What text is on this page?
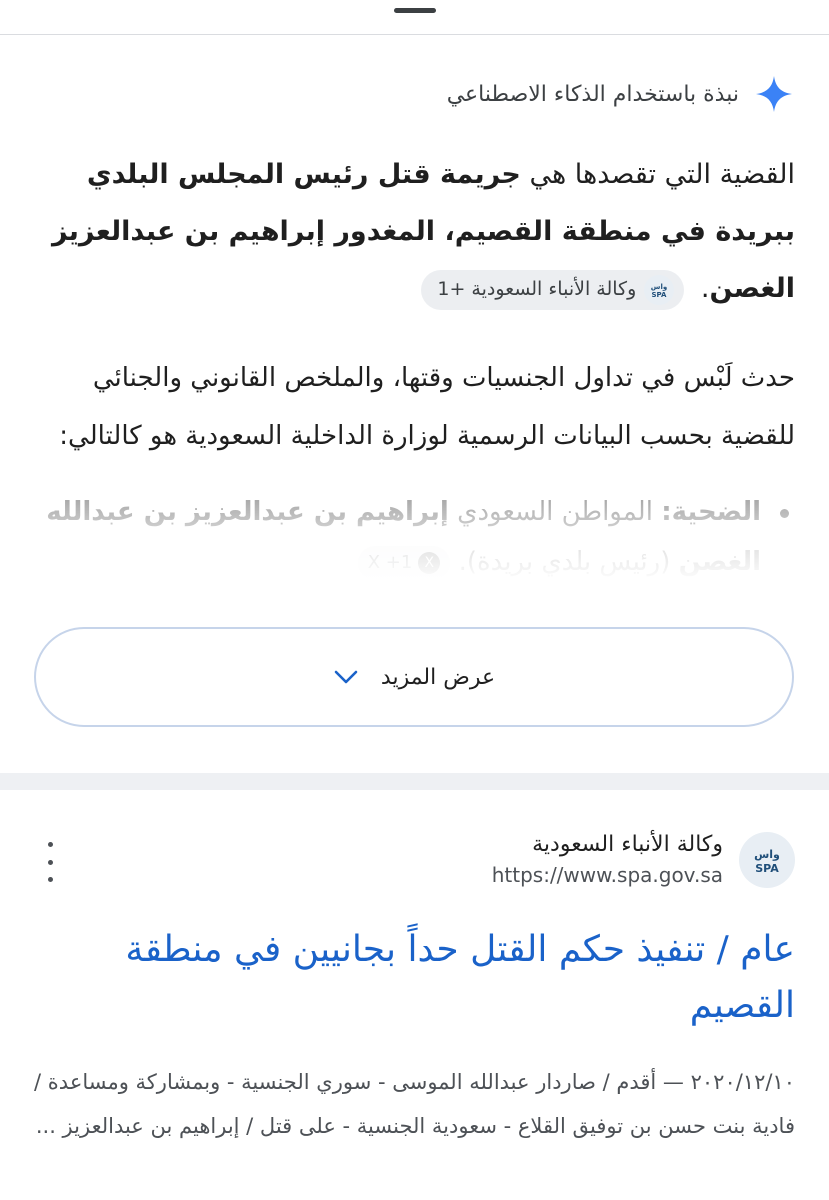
نبذة باستخدام الذكاء الاصطناعي
القضية التي تقصدها هي جريمة قتل رئيس المجلس البلدي ببريدة في منطقة القصيم، المغدور إبراهيم بن عبدالعزيز الغصن.
واس
SPA
وكالة الأنباء السعودية +1
حدث لَبْس في تداول الجنسيات وقتها، والملخص القانوني والجنائي للقضية بحسب البيانات الرسمية لوزارة الداخلية السعودية هو كالتالي:
عرض المزيد
واس
SPA
وكالة الأنباء السعودية
https://www.spa.gov.sa
عام / تنفيذ حكم القتل حداً بجانيين في منطقة القصيم
٢٠٢٠/١٢/١٠ — أقدم / صاردار عبدالله الموسى - سوري الجنسية - وبمشاركة ومساعدة / فادية بنت حسن بن توفيق القلاع - سعودية الجنسية - على قتل / إبراهيم بن عبدالعزيز ...
